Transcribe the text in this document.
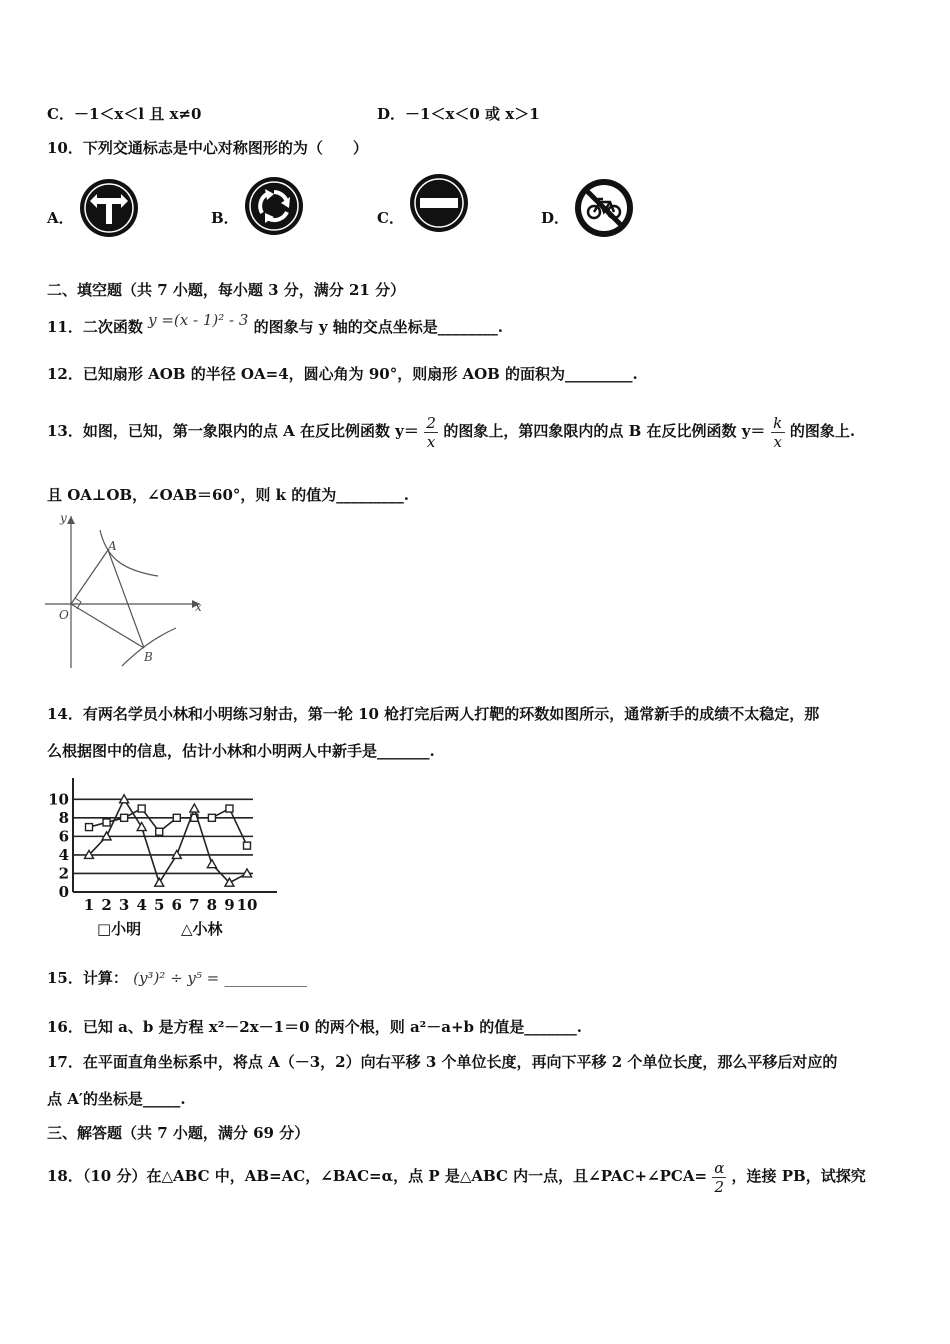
C．－1＜x＜l 且 x≠0	D．－1＜x＜0 或 x＞1
10．下列交通标志是中心对称图形的为（　　）
A．	B．	C．	D．
二、填空题（共 7 小题，每小题 3 分，满分 21 分）
11．二次函数 y =(x - 1)² - 3 的图象与 y 轴的交点坐标是________.
12．已知扇形 AOB 的半径 OA=4，圆心角为 90°，则扇形 AOB 的面积为_________.
13．如图，已知，第一象限内的点 A 在反比例函数 $y= \frac{2}{x}$ 的图象上，第四象限内的点 B 在反比例函数 $y= \frac{k}{x}$ 的图象上.
且 OA⊥OB，∠OAB＝60°，则 k 的值为_________.
y
x
O
A
B
14．有两名学员小林和小明练习射击，第一轮 10 枪打完后两人打靶的环数如图所示，通常新手的成绩不太稳定，那
么根据图中的信息，估计小林和小明两人中新手是_______.
0
2
4
6
8
10
1 2 3 4 5 6 7 8 9 10
□小明	△小林
15．计算： (y³)² ÷ y⁵ = ___________
16．已知 a、b 是方程 x²－2x－1＝0 的两个根，则 a²－a+b 的值是_______.
17．在平面直角坐标系中，将点 A（－3，2）向右平移 3 个单位长度，再向下平移 2 个单位长度，那么平移后对应的
点 A′的坐标是_____.
三、解答题（共 7 小题，满分 69 分）
18．（10 分）在△ABC 中，AB=AC，∠BAC=α，点 P 是△ABC 内一点，且∠PAC+∠PCA= $\frac{\alpha}{2}$ ，连接 PB，试探究
